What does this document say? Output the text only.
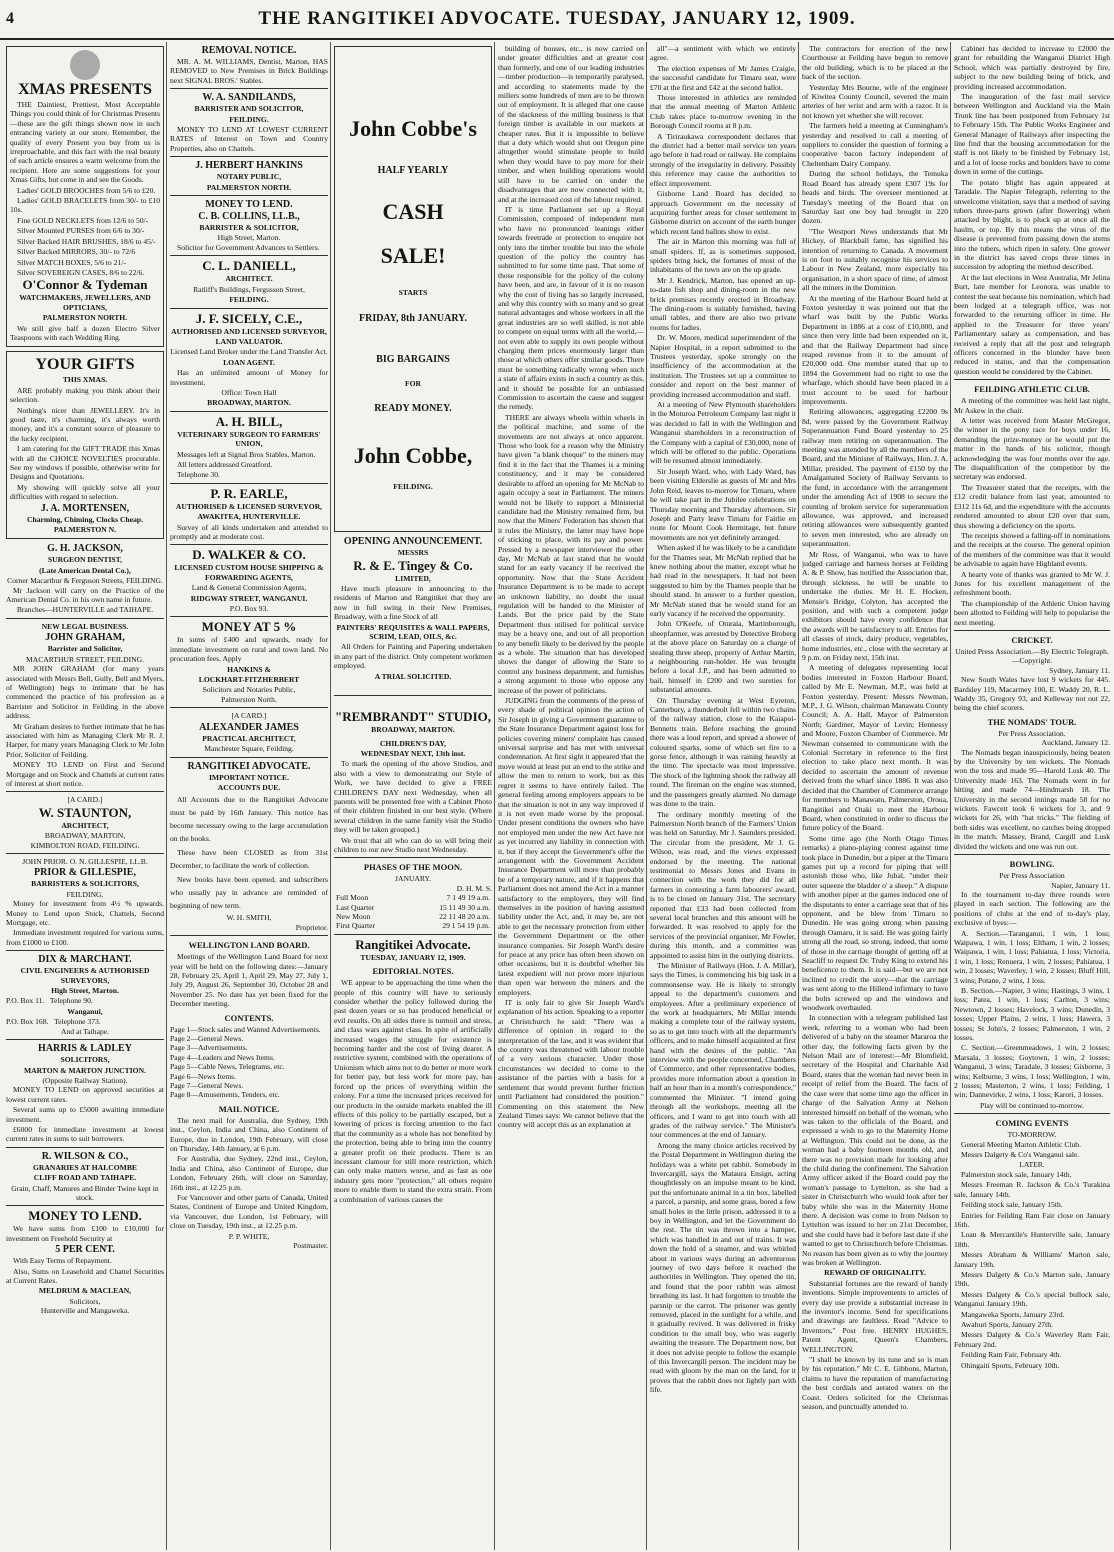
4	THE RANGITIKEI ADVOCATE. TUESDAY, JANUARY 12, 1909.
XMAS PRESENTS

THE Daintiest, Prettiest, Most Acceptable Things you could think of for Christmas Presents—these are the gift things shown now in such entrancing variety at our store. Remember, the quality of every Present you buy from us is irreproachable, and this fact with the real beauty of each article ensures a warm welcome from the recipient. Here are some suggestions for your Xmas Gifts, but come in and see the Goods.

Ladies' GOLD BROOCHES from 5/6 to £20.

Ladies' GOLD BRACELETS from 30/- to £10 10s.

Fine GOLD NECKLETS from 12/6 to 50/-

Silver Mounted PURSES from 6/6 to 30/-

Silver Backed HAIR BRUSHES, 18/6 to 45/-

Silver Backed MIRRORS, 30/- to 72/6

Silver MATCH BOXES, 5/6 to 21/-

Silver SOVEREIGN CASES, 8/6 to 22/6.

O'Connor & Tydeman
WATCHMAKERS, JEWELLERS, AND OPTICIANS,
PALMERSTON NORTH.

We still give half a dozen Electro Silver Teaspoons with each Wedding Ring.

YOUR GIFTS
THIS XMAS.

ARE probably making you think about their selection.

Nothing's nicer than JEWELLERY. It's in good taste, it's charming, it's always worth money, and it's a constant source of pleasure to the lucky recipient.

I am catering for the GIFT TRADE this Xmas with all the CHOICE NOVELTIES procurable. See my windows if possible, otherwise write for Designs and Quotations.

My showing will quickly solve all your difficulties with regard to selection.

J. A. MORTENSEN,
Charming, Chiming, Clocks Cheap.
PALMERSTON N.
G. H. JACKSON,
SURGEON DENTIST,
(Late American Dental Co.),
Corner Macarthur & Ferguson Streets, FEILDING.

Mr Jackson will carry on the Practice of the American Dental Co. in his own name in future.

Branches—HUNTERVILLE and TAIHAPE.
NEW LEGAL BUSINESS.
JOHN GRAHAM,
Barrister and Solicitor,
MACARTHUR STREET, FEILDING.

MR JOHN GRAHAM (for many years associated with Messrs Bell, Gully, Bell and Myers, of Wellington) begs to intimate that he has commenced the practice of his profession as a Barrister and Solicitor in Feilding in the above address.

Mr Graham desires to further intimate that he has associated with him as Managing Clerk Mr R. J. Harper, for many years Managing Clerk to Mr John Prior, Solicitor of Feilding.

MONEY TO LEND on First and Second Mortgage and on Stock and Chattels at current rates of interest at short notice.

[A CARD.]
W. STAUNTON,
ARCHITECT,
BROADWAY, MARTON,
KIMBOLTON ROAD, FEILDING.
JOHN PRIOR. O. N. GILLESPIE, LL.B.
PRIOR & GILLESPIE,
BARRISTERS & SOLICITORS,
FEILDING.

Money for investment from 4½ % upwards. Money to Lend upon Stock, Chattels, Second Mortgage, etc.

Immediate investment required for various sums, from £1000 to £100.

DIX & MARCHANT.
CIVIL ENGINEERS & AUTHORISED SURVEYORS,
High Street, Marton.
P.O. Box 11. Telephone 90.
Wanganui,
P.O. Box 168. Telephone 373.
And at Taihape.
HARRIS & LADLEY
SOLICITORS,
MARTON & MARTON JUNCTION.
(Opposite Railway Station).

MONEY TO LEND on approved securities at lowest current rates.

Several sums up to £5000 awaiting immediate investment.

£6000 for immediate investment at lowest current rates in sums to suit borrowers.

R. WILSON & CO.,
GRANARIES AT HALCOMBE
CLIFF ROAD AND TAIHAPE.

Grain, Chaff, Manures and Binder Twine kept in stock.

MONEY TO LEND.

We have sums from £100 to £10,000 for investment on Freehold Security at

5 PER CENT.

With Easy Terms of Repayment.

Also, Sums on Leasehold and Chattel Securities at Current Rates.

MELDRUM & MACLEAN,
Solicitors,
Hunterville and Mangaweka.
REMOVAL NOTICE.

MR. A. M. WILLIAMS, Dentist, Marton, HAS REMOVED to New Premises in Brick Buildings next SIGNAL BROS.' Stables.

W. A. SANDILANDS,
BARRISTER AND SOLICITOR,
FEILDING.

MONEY TO LEND AT LOWEST CURRENT RATES of Interest on Town and Country Properties, also on Chattels.

J. HERBERT HANKINS
NOTARY PUBLIC,
PALMERSTON NORTH.
MONEY TO LEND.
C. B. COLLINS, LL.B.,
BARRISTER & SOLICITOR,
High Street, Marton.

Solicitor for Government Advances to Settlers.

C. L. DANIELL,
ARCHITECT.
Ratliff's Buildings, Fergusson Street,
FEILDING.
J. F. SICELY, C.E.,
AUTHORISED AND LICENSED SURVEYOR,
LAND VALUATOR.
Licensed Land Broker under the Land Transfer Act.
LOAN AGENT.

Has an unlimited amount of Money for investment.

Office: Town Hall
BROADWAY, MARTON.
A. H. BILL,
VETERINARY SURGEON TO FARMERS' UNION,

Messages left at Signal Bros Stables, Marton.

All letters addressed Greatford.

Telephone 30.

P. R. EARLE,
AUTHORISED & LICENSED SURVEYOR,
AWAKITEA, HUNTERVILLE.

Survey of all kinds undertaken and attended to promptly and at moderate cost.

D. WALKER & CO.
LICENSED CUSTOM HOUSE SHIPPING & FORWARDING AGENTS,
Land & General Commission Agents,
RIDGWAY STREET, WANGANUI.
P.O. Box 93.
MONEY AT 5 %

In sums of £400 and upwards, ready for immediate investment on rural and town land. No procuration fees. Apply

HANKINS &
LOCKHART-FITZHERBERT
Solicitors and Notaries Public,
Palmerston North.
[A CARD.]
ALEXANDER JAMES
PRACTICAL ARCHITECT,
Manchester Square, Feilding.
RANGITIKEI ADVOCATE.
IMPORTANT NOTICE.
ACCOUNTS DUE.

All Accounts due to the Rangitikei Advocate must be paid by 16th January. This notice has become necessary owing to the large accumulation on the books.

These have been CLOSED as from 31st December, to facilitate the work of collection.

New books have been opened, and subscribers who usually pay in advance are reminded of beginning of new term.

W. H. SMITH,
Proprietor.
WELLINGTON LAND BOARD.

Meetings of the Wellington Land Board for next year will be held on the following dates:—January 28, February 25, April 1, April 29, May 27, July 1, July 29, August 26, September 30, October 28 and November 25. No date has yet been fixed for the December meeting.

CONTENTS.
Page 1—Stock sales and Wanted Advertisements.
Page 2—General News.
Page 3—Advertisements.
Page 4—Leaders and News Items.
Page 5—Cable News, Telegrams, etc.
Page 6—News Items.
Page 7—General News.
Page 8—Amusements, Tenders, etc.
MAIL NOTICE.

The next mail for Australia, due Sydney, 19th inst., Ceylon, India and China, also Continent of Europe, due in London, 19th February, will close on Thursday, 14th January, at 6 p.m.

For Australia, due Sydney, 22nd inst., Ceylon, India and China, also Continent of Europe, due London, February 26th, will close on Saturday, 16th inst., at 12.25 p.m.

For Vancouver and other parts of Canada, United States, Continent of Europe and United Kingdom, via Vancouver, due London, 1st February, will close on Tuesday, 19th inst., at 12.25 p.m.

P. P. WHITE,
Postmaster.
John Cobbe's
HALF YEARLY
CASH
SALE!
STARTS
FRIDAY, 8th JANUARY.
BIG BARGAINS
FOR
READY MONEY.
John Cobbe,
FEILDING.
OPENING ANNOUNCEMENT.
MESSRS
R. & E. Tingey & Co.
LIMITED,

Have much pleasure in announcing to the residents of Marton and Rangitikei that they are now in full swing in their New Premises, Broadway, with a fine Stock of all

PAINTERS' REQUISITES & WALL PAPERS, SCRIM, LEAD, OILS, &c.

All Orders for Painting and Papering undertaken in any part of the district. Only competent workmen employed.

A TRIAL SOLICITED.
"REMBRANDT" STUDIO,
BROADWAY, MARTON.
CHILDREN'S DAY,
WEDNESDAY NEXT, 13th inst.

To mark the opening of the above Studios, and also with a view to demonstrating our Style of Work, we have decided to give a FREE CHILDREN'S DAY next Wednesday, when all parents will be presented free with a Cabinet Photo of their children finished in our best style. (Where several children in the same family visit the Studio they will be taken grouped.)

We trust that all who can do so will bring their children to our new Studio next Wednesday.

PHASES OF THE MOON.
JANUARY.
D. H. M. S.
Full Moon	7 1 49 19 a.m.
Last Quarter	15 11 49 30 a.m.
New Moon	22 11 48 20 a.m.
First Quarter	29 1 54 19 p.m.
Rangitikei Advocate.
TUESDAY, JANUARY 12, 1909.
EDITORIAL NOTES.

WE appear to be approaching the time when the people of this country will have to seriously consider whether the policy followed during the past dozen years or so has produced beneficial or evil results. On all sides there is turmoil and stress, and class wars against class. In spite of artificially increased wages the struggle for existence is becoming harder and the cost of living dearer. A restrictive system, combined with the operations of Unionism which aims not to do better or more work for better pay, but less work for more pay, has forced up the prices of everything within the colony. For a time the increased prices received for our products in the outside markets enabled the ill effects of this policy to be partially escaped, but a lowering of prices is forcing attention to the fact that the community as a whole has not benefited by the protection, being able to bring into the country a greater profit on their products. There is an incessant clamour for still more restriction, which can only make matters worse, and as fast as one industry gets more "protection," all others require more to enable them to stand the extra strain. From a combination of various causes the

building of houses, etc., is now carried on under greater difficulties and at greater cost than formerly, and one of our leading industries—timber production—is temporarily paralysed, and according to statements made by the millers some hundreds of men are to be thrown out of employment. It is alleged that one cause of the slackness of the milling business is that foreign timber is available in our markets at cheaper rates. But it is impossible to believe that a duty which would shut out Oregon pine altogether would stimulate people to build when they would have to pay more for their timber, and when building operations would still have to be carried on under the disadvantages that are now connected with it, and at the increased cost of the labour required.

IT is time Parliament set up a Royal Commission, composed of independent men who have no pronounced leanings either towards freetrade or protection to enquire not only into the timber trouble but into the whole question of the policy the country has submitted to for some time past. That some of those responsible for the policy of the colony have been, and are, in favour of it is no reason why the cost of living has so largely increased, and why this country with so many and so great natural advantages and whose workers in all the great industries are so well skilled, is not able to compete on equal terms with all the world,—not even able to supply its own people without charging them prices enormously larger than those at which others offer similar goods. There must be something radically wrong when such a state of affairs exists in such a country as this, and it should be possible for an unbiassed Commission to ascertain the cause and suggest the remedy.

THERE are always wheels within wheels in the political machine, and some of the movements are not always at once apparent. Those who look for a reason why the Ministry have given "a blank cheque" to the miners may find it in the fact that the Thames is a mining constituency, and it may be considered desirable to afford an opening for Mr McNab to again occupy a seat in Parliament. The miners would not be likely to support a Ministerial candidate had the Ministry remained firm, but now that the Miners' Federation has shown that it rules the Ministry, the latter may have hope of sticking to place, with its pay and power. Pressed by a newspaper interviewer the other day, Mr McNab at last stated that he would stand for an early vacancy if he received the opportunity. Now that the State Accident Insurance Department is to be made to accept an unknown liability, no doubt the usual regulation will be handed to the Minister of Lands. But the price paid by the State Department thus utilised for political service may be a heavy one, and out of all proportion to any benefit likely to be derived by the people as a whole. The situation that has developed shows the danger of allowing the State to control any business department, and furnishes a strong argument to those who oppose any increase of the power of politicians.

JUDGING from the comments of the press of every shade of political opinion the action of Sir Joseph in giving a Government guarantee to the State Insurance Department against loss for policies covering miners' complaint has caused universal surprise and has met with universal condemnation. At first sight it appeared that the move would at least put an end to the strike and allow the men to return to work, but as this regret it seems to have entirely failed. The general feeling among employers appears to be that the situation is not in any way improved if it is not even made worse by the proposal. Under present conditions the owners who have not employed men under the new Act have not as yet incurred any liability in connection with it, but if they accept the Government's offer the arrangement with the Government Accident Insurance Department will more than probably be of a temporary nature, and if it happens that Parliament does not amend the Act in a manner satisfactory to the employers, they will find themselves in the position of having assumed liability under the Act, and, it may be, are not able to get the necessary protection from either the Government Department or the other insurance companies. Sir Joseph Ward's desire for peace at any price has often been shown on other occasions, but it is doubtful whether his latest expedient will not prove more injurious than open war between the miners and the employers.

IT is only fair to give Sir Joseph Ward's explanation of his action. Speaking to a reporter at Christchurch he said: "There was a difference of opinion in regard to the interpretation of the law, and it was evident that the country was threatened with labour trouble of a very serious character. Under those circumstances we decided to come to the assistance of the parties with a basis for a settlement that would prevent further friction until Parliament had considered the position." Commenting on this statement the New Zealand Times says: We cannot believe that the country will accept this as an explanation at

all"—a sentiment with which we entirely agree.

The election expenses of Mr James Craigie, the successful candidate for Timaru seat, were £70 at the first and £42 at the second ballot.

Those interested in athletics are reminded that the annual meeting of Marton Athletic Club takes place to-morrow evening in the Borough Council rooms at 8 p.m.

A Tiriraukawa correspondent declares that the district had a better mail service ten years ago before it had road or railway. He complains strongly of the irregularity in delivery. Possibly this reference may cause the authorities to effect improvement.

Gisborne Land Board has decided to approach Government on the necessity of acquiring further areas for closer settlement in Gisborne district on account of the earth hunger which recent land ballots show to exist.

The air in Marton this morning was full of small spiders. If, as is sometimes supposed, spiders bring luck, the fortunes of most of the inhabitants of the town are on the up grade.

Mr J. Kendrick, Marton, has opened an up-to-date fish shop and dining-room in the new brick premises recently erected in Broadway. The dining-room is suitably furnished, having small tables, and there are also two private rooms for ladies.

Dr. W. Moore, medical superintendent of the Napier Hospital, in a report submitted to the Trustees yesterday, spoke strongly on the insufficiency of the accommodation at the institution. The Trustees set up a committee to consider and report on the best manner of providing increased accommodation and staff.

At a meeting of New Plymouth shareholders in the Moturoa Petroleum Company last night it was decided to fall in with the Wellington and Wanganui shareholders in a reconstruction of the Company with a capital of £30,000, none of which will be offered to the public. Operations will be resumed almost immediately.

Sir Joseph Ward, who, with Lady Ward, has been visiting Elderslie as guests of Mr and Mrs John Reid, leaves to-morrow for Timaru, where he will take part in the Jubilee celebrations on Thursday morning and Thursday afternoon. Sir Joseph and Party leave Timaru for Fairlie en route for Mount Cook Hermitage, but future movements are not yet definitely arranged.

When asked if he was likely to be a candidate for the Thames seat, Mr McNab replied that he knew nothing about the matter, except what he had read in the newspapers. It had not been suggested to him by the Thames people that he should stand. In answer to a further question, Mr McNab stated that he would stand for an early vacancy if he received the opportunity.

John O'Keefe, of Oturaia, Martinborough, sheepfarmer, was arrested by Detective Broberg at the above place on Saturday on a charge of stealing three sheep, property of Arthur Martin, a neighbouring run-holder. He was brought before a local J.P., and has been admitted to bail, himself in £200 and two sureties for substantial amounts.

On Thursday evening at West Eyreton, Canterbury, a thunderbolt fell within two chains of the railway station, close to the Kaiapoi-Bennetts train. Before reaching the ground there was a loud report, and spread a shower of coloured sparks, some of which set fire to a gorse fence, although it was raining heavily at the time. The spectacle was most impressive. The shock of the lightning shook the railway all round. The fireman on the engine was stunned, and the passengers greatly alarmed. No damage was done to the train.

The ordinary monthly meeting of the Palmerston North branch of the Farmers' Union was held on Saturday. Mr J. Saunders presided. The circular from the president, Mr J. G. Wilson, was read, and the views expressed endorsed by the meeting. The national testimonial to Messrs Jones and Evans in connection with the work they did for all farmers in contesting a farm labourers' award, is to be closed on January 31st. The secretary reported that £33 had been collected from several local branches and this amount will be forwarded. It was resolved to apply for the services of the provincial organiser, Mr Fowler, during this month, and a committee was appointed to assist him in the outlying districts.

The Minister of Railways (Hon. J. A. Millar), says the Times, is commencing his big task in a commonsense way. He is likely to strongly appeal to the department's customers and employees. After a preliminary experience of the work at headquarters, Mr Millar intends making a complete tour of the railway system, so as to get into touch with all the department's officers, and to make himself acquainted at first hand with the desires of the public. "An interview with the people concerned, Chambers of Commerce, and other representative bodies, provides more information about a question in half an hour than in a month's correspondence," commented the Minister. "I intend going through all the workshops, meeting all the officers, and I want to get into touch with all grades of the railway service." The Minister's tour commences at the end of January.

Among the many choice articles received by the Postal Department in Wellington during the holidays was a white pet rabbit. Somebody in Invercargill, says the Mataura Ensign, acting thoughtlessly on an impulse meant to be kind, put the unfortunate animal in a tin box, labelled a parcel, a parsnip, and some grass, bored a few small holes in the little prison, addressed it to a boy in Wellington, and let the Government do the rest. The tin was thrown into a hamper, which was handled in and out of trains. It was down the hold of a steamer, and was whirled about in various ways during an adventurous journey of two days before it reached the authorities in Wellington. They opened the tin, and found that the poor rabbit was almost breathing its last. It had forgotten to trouble the parsnip or the carrot. The prisoner was gently removed, placed in the sunlight for a while, and it gradually revived. It was delivered in frisky condition to the small boy, who was eagerly awaiting the treasure. The Department now, but it does not advise people to follow the example of this Invercargill person. The incident may be read with gloom by the man on the land, for it proves that the rabbit does not lightly part with life.

The contractors for erection of the new Courthouse at Feilding have begun to remove the old building, which is to be placed at the back of the section.

Yesterday Mrs Bourne, wife of the engineer of Kiwitea County Council, severed the main arteries of her wrist and arm with a razor. It is not known yet whether she will recover.

The farmers held a meeting at Cunningham's yesterday and resolved to call a meeting of suppliers to consider the question of forming a cooperative bacon factory independent of Cheltenham Dairy Company.

During the school holidays, the Temuka Road Board has already spent £307 19s for heads and birds. The overseer mentioned at Tuesday's meeting of the Board that on Saturday last one boy had brought in 220 dozen.

"The Westport News understands that Mr Hickey, of Blackball fame, has signified his intention of returning to Canada. A movement is on foot to suitably recognise his services to Labour in New Zealand, more especially his organisation, in a short space of time, of almost all the miners in the Dominion.

At the meeting of the Harbour Board held at Foxton yesterday it was pointed out that the wharf was built by the Public Works Department in 1886 at a cost of £10,000, and since then very little had been expended on it, and that the Railway Department had since reaped revenue from it to the amount of £20,000 odd. One member stated that up to 1894 the Government had no right to use the wharfage, which should have been placed in a trust account to be used for harbour improvements.

Retiring allowances, aggregating £2200 9s 8d, were passed by the Government Railway Superannuation Fund Board yesterday to 25 railway men retiring on superannuation. The meeting was attended by all the members of the Board, and the Minister of Railways, Hon. J. A. Millar, presided. The payment of £150 by the Amalgamated Society of Railway Servants to the fund, in accordance with the arrangement under the amending Act of 1908 to secure the counting of broken service for superannuation allowance, was approved, and increased retiring allowances were subsequently granted to seven men interested, who are already on superannuation.

Mr Ross, of Wanganui, who was to have judged carriage and harness horses at Feilding A. & P. Show, has notified the Association that, through sickness, he will be unable to undertake the duties. Mr H. E. Hocken, Mensie's Bridge, Colyton, has accepted the position, and with such a competent judge exhibitors should have every confidence that the awards will be satisfactory to all. Entries for all classes of stock, dairy produce, vegetables, home industries, etc., close with the secretary at 9 p.m. on Friday next, 15th inst.

A meeting of delegates representing local bodies interested in Foxton Harbour Board, called by Mr E. Newman, M.P., was held at Foxton yesterday. Present: Messrs Newman, M.P., J. G. Wilson, chairman Manawatu County Council; A. A. Hall, Mayor of Palmerston North; Gardiner, Mayor of Levin; Hennessy and Moore, Foxton Chamber of Commerce. Mr Newman consented to communicate with the Colonial Secretary in reference to the first election to take place next month. It was decided to ascertain the amount of revenue derived from the wharf since 1886. It was also decided that the Chamber of Commerce arrange for members to Manawatu, Palmerston, Oroua, Rangitikei and Otaki to meet the Harbour Board, when constituted in order to discuss the future policy of the Board.

Some time ago (the North Otago Times remarks) a piano-playing contest against time took place in Dunedin, but a piper at the Timaru games put up a record for piping that will astonish those who, like Jubal, "under their outer squeeze the bladder o' a sheep." A dispute with another piper at the games induced one of the disputants to enter a carriage seat that of his opponent, and he blew from Timaru to Dunedin. He was going strong when passing through Oamaru, it is said. He was going fairly strong all the road, so strong, indeed, that some of those in the carriage thought of getting off at Seacliff to request Dr. Truby King to extend his beneficence to them. It is said—but we are not inclined to credit the story—that the carriage was sent along to the Hillend infirmary to have the bolts screwed up and the windows and woodwork overhauled.

In connection with a telegram published last week, referring to a woman who had been delivered of a baby on the steamer Mararoa the other day, the following facts given by the Nelson Mail are of interest:—Mr Blomfield, secretary of the Hospital and Charitable Aid Board, states that the woman had never been in receipt of relief from the Board. The facts of the case were that some time ago the officer in charge of the Salvation Army at Nelson interested himself on behalf of the woman, who was taken to the officials of the Board, and expressed a wish to go to the Maternity Home at Wellington. This could not be done, as the woman had a baby fourteen months old, and there was no provision made for looking after the child during the confinement. The Salvation Army officer asked if the Board could pay the woman's passage to Lyttelton, as she had a sister in Christchurch who would look after her baby while she was in the Maternity Home there. A decision was come to from Nelson to Lyttelton was issued to her on 21st December, and she could have had it before last date if she wanted to get to Christchurch before Christmas. No reason has been given as to why the journey was broken at Wellington.

REWARD OF ORIGINALITY.

Substantial fortunes are the reward of handy inventions. Simple improvements to articles of every day use provide a substantial increase in the inventor's income. Send for specifications and drawings are faultless. Read "Advice to Inventors," Post free. HENRY HUGHES, Patent Agent, Queen's Chambers, WELLINGTON.

"I shall be known by its tune and so is man by his reputation." Mr C. E. Gibbons, Marton, claims to have the reputation of manufacturing the best cordials and aerated waters on the Coast. Orders solicited for the Christmas season, and punctually attended to.

Cabinet has decided to increase to £2000 the grant for rebuilding the Wanganui District High School, which was partially destroyed by fire, subject to the new building being of brick, and providing increased accommodation.

The inauguration of the fast mail service between Wellington and Auckland via the Main Trunk line has been postponed from February 1st to February 15th. The Public Works Engineer and General Manager of Railways after inspecting the line find that the housing accommodation for the staff is not likely to be finished by February 1st, and a lot of loose rocks and boulders have to come down in some of the cuttings.

The potato blight has again appeared at Taradale. The Napier Telegraph, referring to the unwelcome visitation, says that a method of saving tubers three-parts grown (after flowering) when attacked by blight, is to pluck up at once all the haulm, or top. By this means the virus of the disease is prevented from passing down the stems into the tubers, which ripen in safety. One grower in the district has saved crops three times in succession by adopting the method described.

At the last elections in West Australia, Mr Jelina Burt, late member for Leonora, was unable to contest the seat because his nomination, which had been lodged at a telegraph office, was not forwarded to the returning officer in time. He applied to the Treasurer for three years' Parliamentary salary as compensation, and has received a reply that all the post and telegraph officers concerned in the blunder have been reduced in status, and that the compensation question would be considered by the Cabinet.

FEILDING ATHLETIC CLUB.

A meeting of the committee was held last night, Mr Askew in the chair.

A letter was received from Master McGregor, the winner in the pony race for boys under 16, demanding the prize-money or he would put the matter in the hands of his solicitor, though acknowledging the was four months over the age. The disqualification of the competitor by the secretary was endorsed.

The Treasurer stated that the receipts, with the £12 credit balance from last year, amounted to £312 11s 6d, and the expenditure with the accounts rendered amounted to about £20 over that sum, thus showing a deficiency on the sports.

The receipts showed a falling-off in nominations and the receipts at the course. The general opinion of the members of the committee was that it would be advisable to again have Highland events.

A hearty vote of thanks was granted to Mr W. J. Jones for his excellent management of the refreshment booth.

The championship of the Athletic Union having been allotted to Feilding will help to popularise the next meeting.

CRICKET.
United Press Association.—By Electric Telegraph.—Copyright.
Sydney, January 11.

New South Wales have lost 9 wickets for 445. Bardsley 119, Macartney 100, E. Waddy 20, R. L. Waddy 35, Gregory 93, and Kelleway not out 22, being the chief scorers.

THE NOMADS' TOUR.
Per Press Association.
Auckland, January 12.

The Nomads began inauspiciously, being beaten by the University by ten wickets. The Nomads won the toss and made 95—Harold Lusk 40. The University made 163. The Nomads went in for hitting and made 74—Hindmarsh 18. The University in the second innings made 58 for no wickets. Fawcett took 6 wickets for 3, and 9 wickets for 26, with "hat tricks." The fielding of both sides was excellent, no catches being dropped in the match. Massey, Brand, Cargill and Lusk divided the wickets and one was run out.

BOWLING.
Per Press Association
Napier, January 11.

In the tournament to-day three rounds were played in each section. The following are the positions of clubs at the end of to-day's play, exclusive of byes:—

A. Section.—Taranganui, 1 win, 1 loss; Waipawa, 1 win, 1 loss; Eltham, 1 win, 2 losses; Waipawa, 1 win, 1 loss; Pahiatua, 1 loss; Victoria, 1 win, 1 loss; Renuera, 1 win, 2 losses; Pahiatua, 1 win, 2 losses; Waverley, 1 win, 2 losses; Bluff Hill, 3 wins; Potane, 2 wins, 1 loss.

B. Section.—Napier, 3 wins; Hastings, 3 wins, 1 loss; Patea, 1 win, 1 loss; Carlton, 3 wins; Newtown, 2 losses; Havelock, 3 wins; Dunedin, 3 losses; Upper Plains, 2 wins, 1 loss; Hawera, 3 losses; St John's, 2 losses; Palmerston, 1 win, 2 losses.

C. Section.—Greenmeadows, 1 win, 2 losses; Marsala, 3 losses; Goytown, 1 win, 2 losses; Wanganui, 3 wins; Taradale, 3 losses; Gisborne, 3 wins; Kelburne, 3 wins, 1 loss; Wellington, 1 win, 2 losses; Masterton, 2 wins, 1 loss; Feilding, 1 win; Dannevirke, 2 wins, 1 loss; Karori, 3 losses.

Play will be continued to-morrow.
COMING EVENTS
TO-MORROW.

General Meeting Marton Athletic Club.

Messrs Dalgety & Co's Wanganui sale.

LATER.

Palmerston stock sale, January 14th.

Messrs Freeman R. Jackson & Co.'s Turakina sale, January 14th.

Feilding stock sale, January 15th.

Entries for Feilding Ram Fair close on January 16th.

Loan & Mercantile's Hunterville sale, January 18th.

Messrs Abraham & Williams' Marton sale, January 19th.

Messrs Dalgety & Co.'s Marton sale, January 19th.

Messrs Dalgety & Co.'s special bullock sale, Wanganui January 19th.

Mangaweka Sports, January 23rd.

Awahuri Sports, January 27th.

Messrs Dalgety & Co.'s Waverley Ram Fair, February 2nd.

Feilding Ram Fair, February 4th.

Ohingaiti Sports, February 10th.
